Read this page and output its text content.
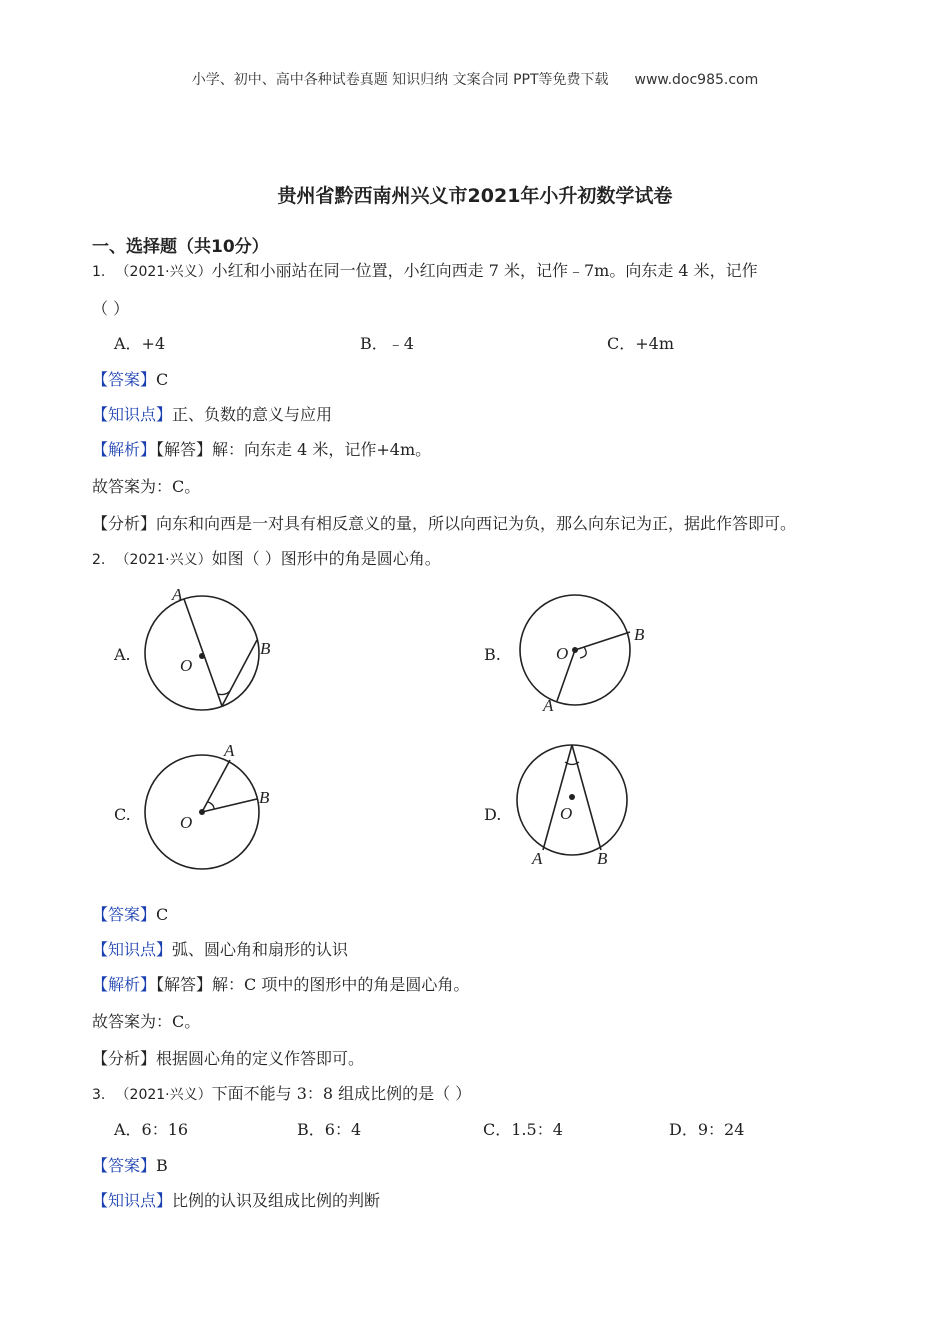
小学、初中、高中各种试卷真题 知识归纳 文案合同 PPT等免费下载 www.doc985.com
贵州省黔西南州兴义市2021年小升初数学试卷
一、选择题（共10分）
1. （2021·兴义）小红和小丽站在同一位置，小红向西走 7 米，记作﹣7m。向东走 4 米，记作
（ ）
A．+4	B．﹣4	C．+4m
【答案】C
【知识点】正、负数的意义与应用
【解析】【解答】解：向东走 4 米，记作+4m。
故答案为：C。
【分析】向东和向西是一对具有相反意义的量，所以向西记为负，那么向东记为正，据此作答即可。
2. （2021·兴义）如图（ ）图形中的角是圆心角。
A.	B.
C.	D.
A
O
B	O
B
A
A
B
O	O
A	B
【答案】C
【知识点】弧、圆心角和扇形的认识
【解析】【解答】解：C 项中的图形中的角是圆心角。
故答案为：C。
【分析】根据圆心角的定义作答即可。
3. （2021·兴义）下面不能与 3：8 组成比例的是（ ）
A．6：16	B．6：4	C．1.5：4	D．9：24
【答案】B
【知识点】比例的认识及组成比例的判断
